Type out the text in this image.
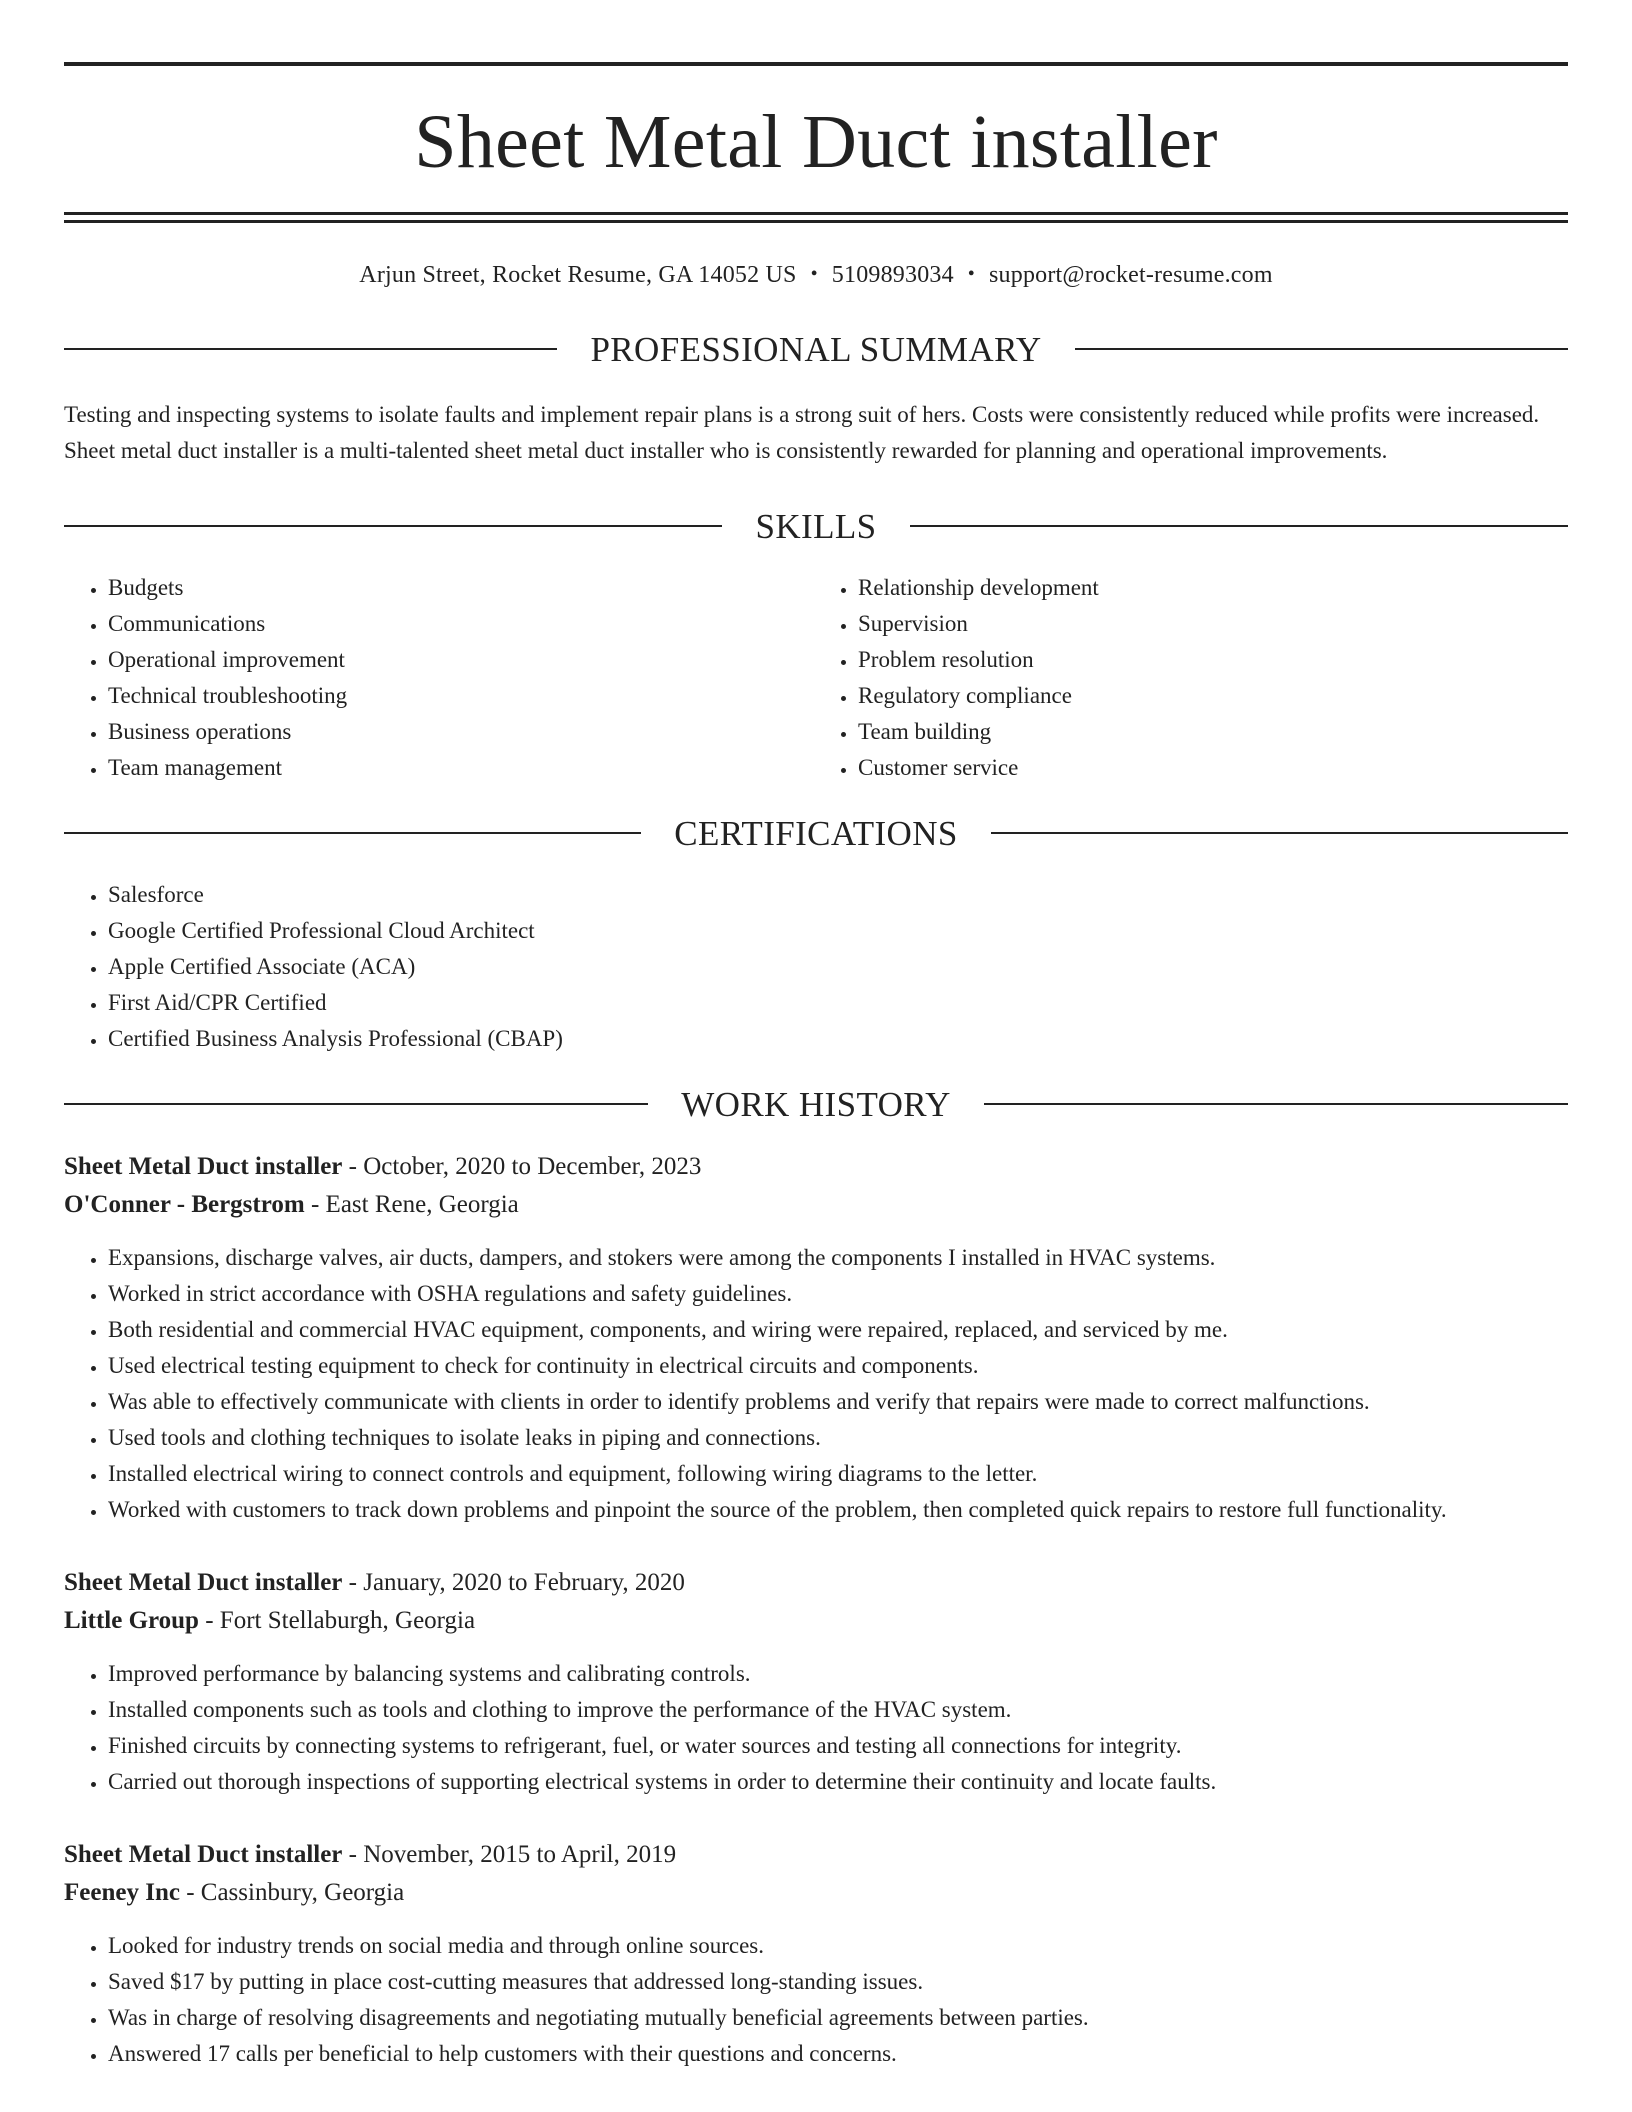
Sheet Metal Duct installer
Arjun Street, Rocket Resume, GA 14052 US • 5109893034 • support@rocket-resume.com
PROFESSIONAL SUMMARY

Testing and inspecting systems to isolate faults and implement repair plans is a strong suit of hers. Costs were consistently reduced while profits were increased. Sheet metal duct installer is a multi-talented sheet metal duct installer who is consistently rewarded for planning and operational improvements.

SKILLS
• Budgets
• Communications
• Operational improvement
• Technical troubleshooting
• Business operations
• Team management
• Relationship development
• Supervision
• Problem resolution
• Regulatory compliance
• Team building
• Customer service
CERTIFICATIONS
• Salesforce
• Google Certified Professional Cloud Architect
• Apple Certified Associate (ACA)
• First Aid/CPR Certified
• Certified Business Analysis Professional (CBAP)
WORK HISTORY
Sheet Metal Duct installer - October, 2020 to December, 2023
O'Conner - Bergstrom - East Rene, Georgia
• Expansions, discharge valves, air ducts, dampers, and stokers were among the components I installed in HVAC systems.
• Worked in strict accordance with OSHA regulations and safety guidelines.
• Both residential and commercial HVAC equipment, components, and wiring were repaired, replaced, and serviced by me.
• Used electrical testing equipment to check for continuity in electrical circuits and components.
• Was able to effectively communicate with clients in order to identify problems and verify that repairs were made to correct malfunctions.
• Used tools and clothing techniques to isolate leaks in piping and connections.
• Installed electrical wiring to connect controls and equipment, following wiring diagrams to the letter.
• Worked with customers to track down problems and pinpoint the source of the problem, then completed quick repairs to restore full functionality.
Sheet Metal Duct installer - January, 2020 to February, 2020
Little Group - Fort Stellaburgh, Georgia
• Improved performance by balancing systems and calibrating controls.
• Installed components such as tools and clothing to improve the performance of the HVAC system.
• Finished circuits by connecting systems to refrigerant, fuel, or water sources and testing all connections for integrity.
• Carried out thorough inspections of supporting electrical systems in order to determine their continuity and locate faults.
Sheet Metal Duct installer - November, 2015 to April, 2019
Feeney Inc - Cassinbury, Georgia
• Looked for industry trends on social media and through online sources.
• Saved $17 by putting in place cost-cutting measures that addressed long-standing issues.
• Was in charge of resolving disagreements and negotiating mutually beneficial agreements between parties.
• Answered 17 calls per beneficial to help customers with their questions and concerns.
